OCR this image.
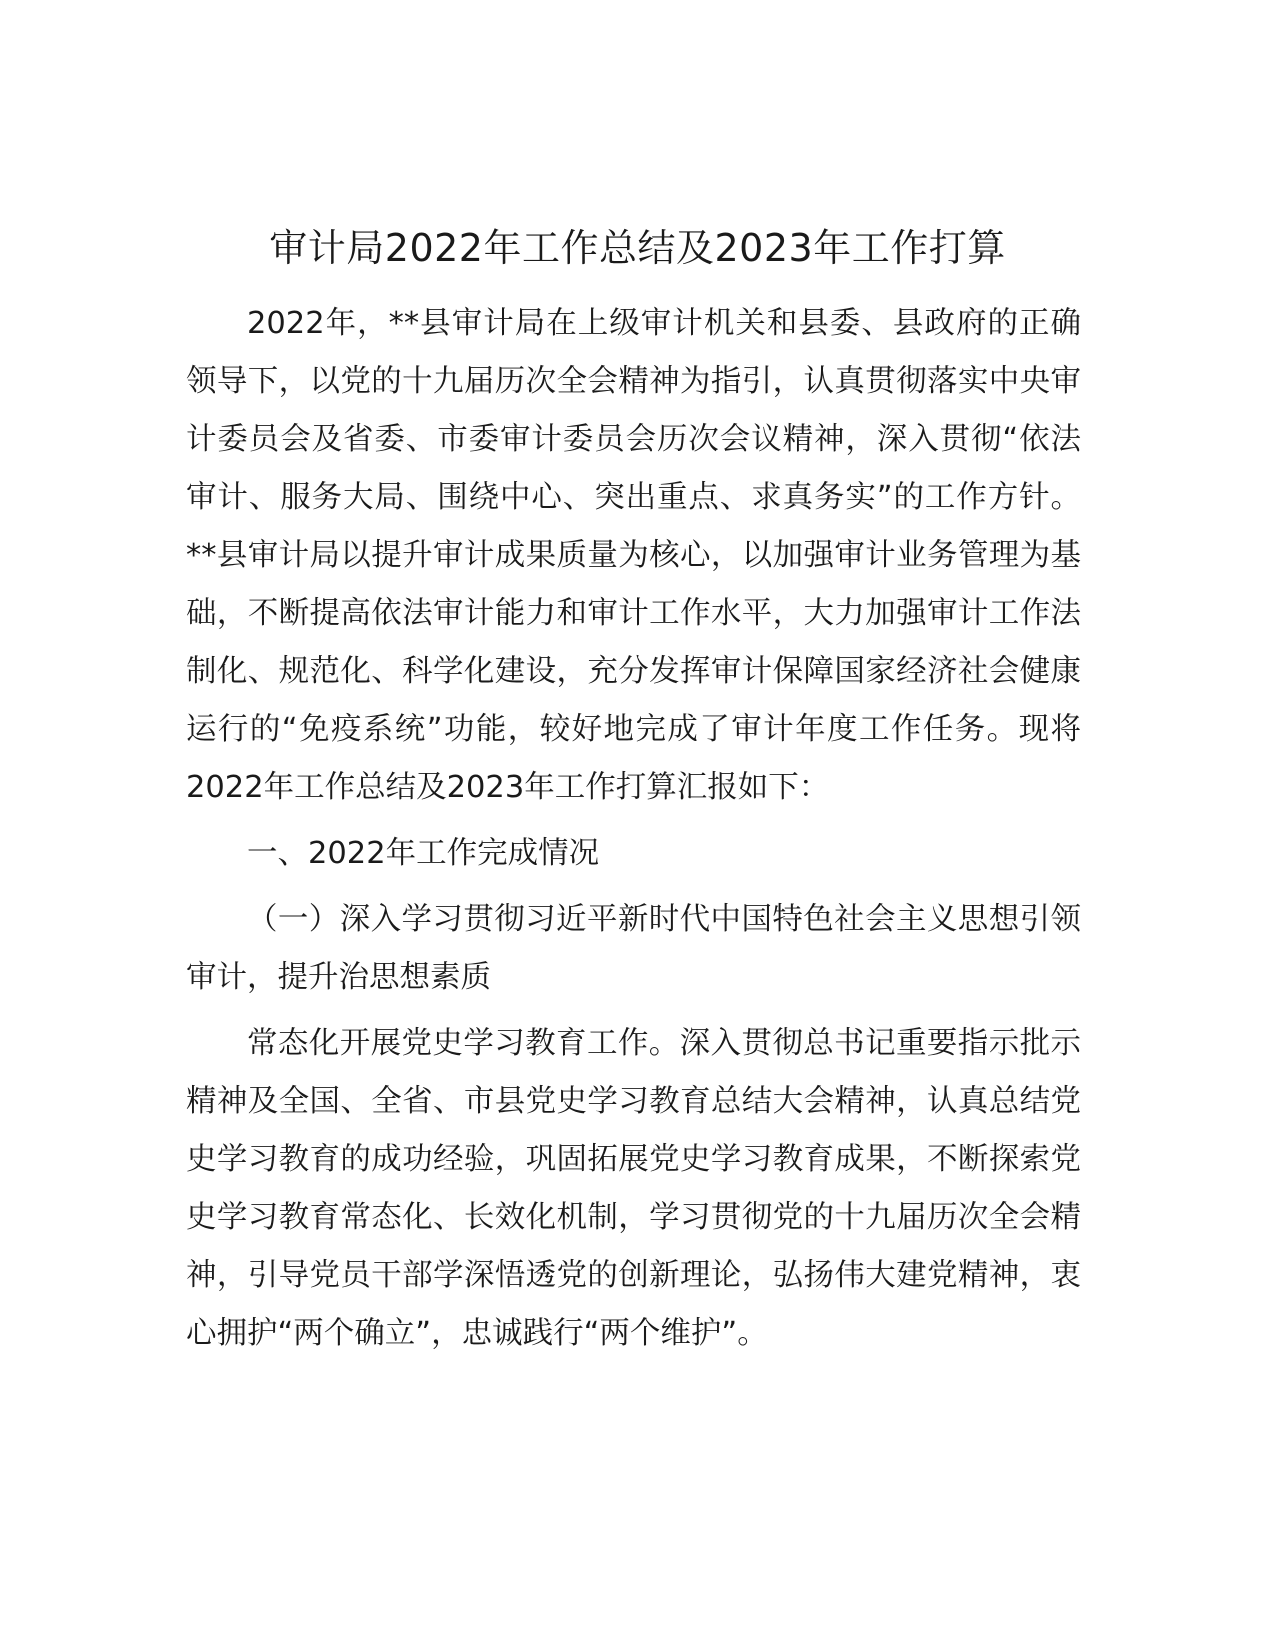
审计局2022年工作总结及2023年工作打算

2022年，**县审计局在上级审计机关和县委、县政府的正确领导下，以党的十九届历次全会精神为指引，认真贯彻落实中央审计委员会及省委、市委审计委员会历次会议精神，深入贯彻“依法审计、服务大局、围绕中心、突出重点、求真务实”的工作方针。**县审计局以提升审计成果质量为核心，以加强审计业务管理为基础，不断提高依法审计能力和审计工作水平，大力加强审计工作法制化、规范化、科学化建设，充分发挥审计保障国家经济社会健康运行的“免疫系统”功能，较好地完成了审计年度工作任务。现将2022年工作总结及2023年工作打算汇报如下：

一、2022年工作完成情况

（一）深入学习贯彻习近平新时代中国特色社会主义思想引领审计，提升治思想素质

常态化开展党史学习教育工作。深入贯彻总书记重要指示批示精神及全国、全省、市县党史学习教育总结大会精神，认真总结党史学习教育的成功经验，巩固拓展党史学习教育成果，不断探索党史学习教育常态化、长效化机制，学习贯彻党的十九届历次全会精神，引导党员干部学深悟透党的创新理论，弘扬伟大建党精神，衷心拥护“两个确立”，忠诚践行“两个维护”。
